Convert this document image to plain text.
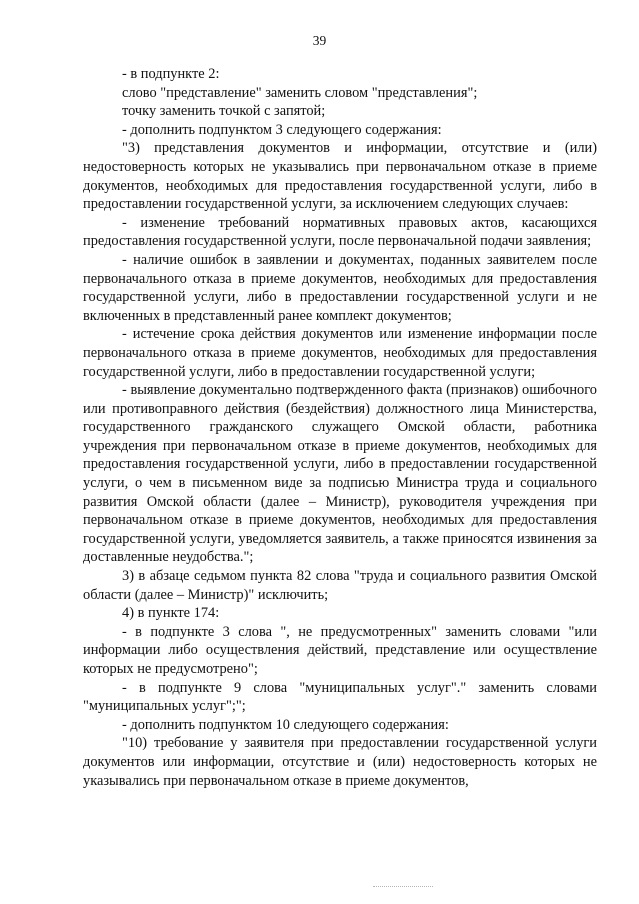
39

- в подпункте 2:

слово "представление" заменить словом "представления";

точку заменить точкой с запятой;

- дополнить подпунктом 3 следующего содержания:

"3) представления документов и информации, отсутствие и (или) недостоверность которых не указывались при первоначальном отказе в приеме документов, необходимых для предоставления государственной услуги, либо в предоставлении государственной услуги, за исключением следующих случаев:

- изменение требований нормативных правовых актов, касающихся предоставления государственной услуги, после первоначальной подачи заявления;

- наличие ошибок в заявлении и документах, поданных заявителем после первоначального отказа в приеме документов, необходимых для предоставления государственной услуги, либо в предоставлении государственной услуги и не включенных в представленный ранее комплект документов;

- истечение срока действия документов или изменение информации после первоначального отказа в приеме документов, необходимых для предоставления государственной услуги, либо в предоставлении государственной услуги;

- выявление документально подтвержденного факта (признаков) ошибочного или противоправного действия (бездействия) должностного лица Министерства, государственного гражданского служащего Омской области, работника учреждения при первоначальном отказе в приеме документов, необходимых для предоставления государственной услуги, либо в предоставлении государственной услуги, о чем в письменном виде за подписью Министра труда и социального развития Омской области (далее – Министр), руководителя учреждения при первоначальном отказе в приеме документов, необходимых для предоставления государственной услуги, уведомляется заявитель, а также приносятся извинения за доставленные неудобства.";

3) в абзаце седьмом пункта 82 слова "труда и социального развития Омской области (далее – Министр)" исключить;

4) в пункте 174:

- в подпункте 3 слова ", не предусмотренных" заменить словами "или информации либо осуществления действий, представление или осуществление которых не предусмотрено";

- в подпункте 9 слова "муниципальных услуг"." заменить словами "муниципальных услуг";";

- дополнить подпунктом 10 следующего содержания:

"10) требование у заявителя при предоставлении государственной услуги документов или информации, отсутствие и (или) недостоверность которых не указывались при первоначальном отказе в приеме документов,
